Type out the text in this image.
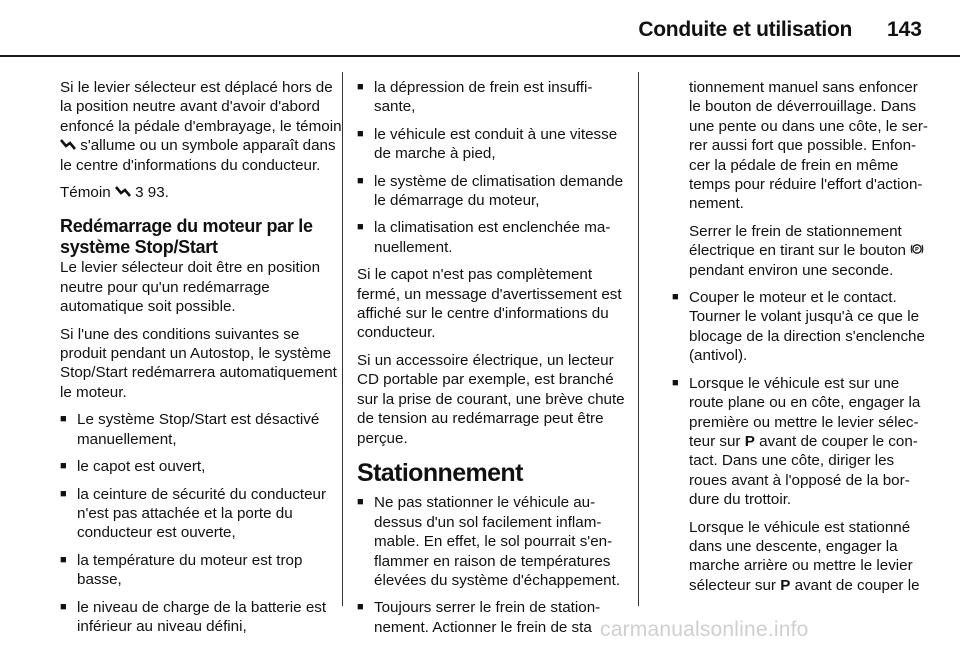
Conduite et utilisation 143

Si le levier sélecteur est déplacé hors de la position neutre avant d'avoir d'abord enfoncé la pédale d'embrayage, le témoin  s'allume ou un symbole apparaît dans le centre d'informations du conducteur.

Témoin 3 93.

Redémarrage du moteur par le système Stop/Start

Le levier sélecteur doit être en position neutre pour qu'un redémarrage automatique soit possible.

Si l'une des conditions suivantes se produit pendant un Autostop, le système Stop/Start redémarrera automatiquement le moteur.

■ Le système Stop/Start est désactivé manuellement,
■ le capot est ouvert,
■ la ceinture de sécurité du conducteur n'est pas attachée et la porte du conducteur est ouverte,
■ la température du moteur est trop basse,
■ le niveau de charge de la batterie est inférieur au niveau défini,
■ la dépression de frein est insuffisante,
■ le véhicule est conduit à une vitesse de marche à pied,
■ le système de climatisation demande le démarrage du moteur,
■ la climatisation est enclenchée manuellement.

Si le capot n'est pas complètement fermé, un message d'avertissement est affiché sur le centre d'informations du conducteur.

Si un accessoire électrique, un lecteur CD portable par exemple, est branché sur la prise de courant, une brève chute de tension au redémarrage peut être perçue.

Stationnement
■ Ne pas stationner le véhicule au-dessus d'un sol facilement inflammable. En effet, le sol pourrait s'enflammer en raison de températures élevées du système d'échappement.
■ Toujours serrer le frein de stationnement. Actionner le frein de sta

tionnement manuel sans enfoncer le bouton de déverrouillage. Dans une pente ou dans une côte, le serrer aussi fort que possible. Enfoncer la pédale de frein en même temps pour réduire l'effort d'actionnement.

Serrer le frein de stationnement électrique en tirant sur le bouton P
pendant environ une seconde.

■ Couper le moteur et le contact. Tourner le volant jusqu'à ce que le blocage de la direction s'enclenche (antivol).
■ Lorsque le véhicule est sur une route plane ou en côte, engager la première ou mettre le levier sélecteur sur P avant de couper le contact. Dans une côte, diriger les roues avant à l'opposé de la bordure du trottoir.

Lorsque le véhicule est stationné dans une descente, engager la marche arrière ou mettre le levier sélecteur sur P avant de couper le

carmanualsonline.info
